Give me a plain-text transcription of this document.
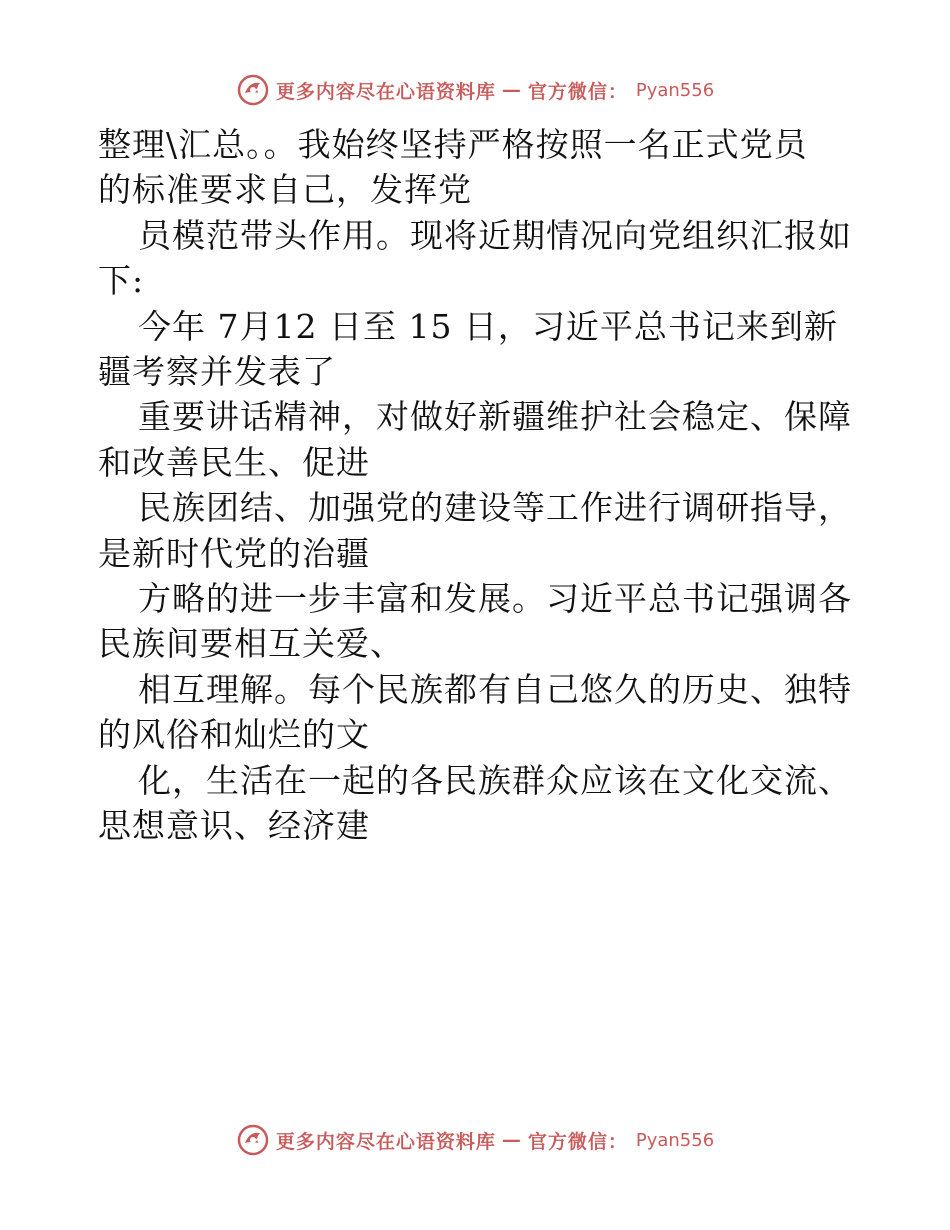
更多内容尽在心语资料库 — 官方微信： Pyan556
整理\汇总。。我始终坚持严格按照一名正式党员
的标准要求自己，发挥党
员模范带头作用。现将近期情况向党组织汇报如
下:
今年 7月12 日至 15 日，习近平总书记来到新
疆考察并发表了
重要讲话精神，对做好新疆维护社会稳定、保障
和改善民生、促进
民族团结、加强党的建设等工作进行调研指导，
是新时代党的治疆
方略的进一步丰富和发展。习近平总书记强调各
民族间要相互关爱、
相互理解。每个民族都有自己悠久的历史、独特
的风俗和灿烂的文
化，生活在一起的各民族群众应该在文化交流、
思想意识、经济建
更多内容尽在心语资料库 — 官方微信： Pyan556
